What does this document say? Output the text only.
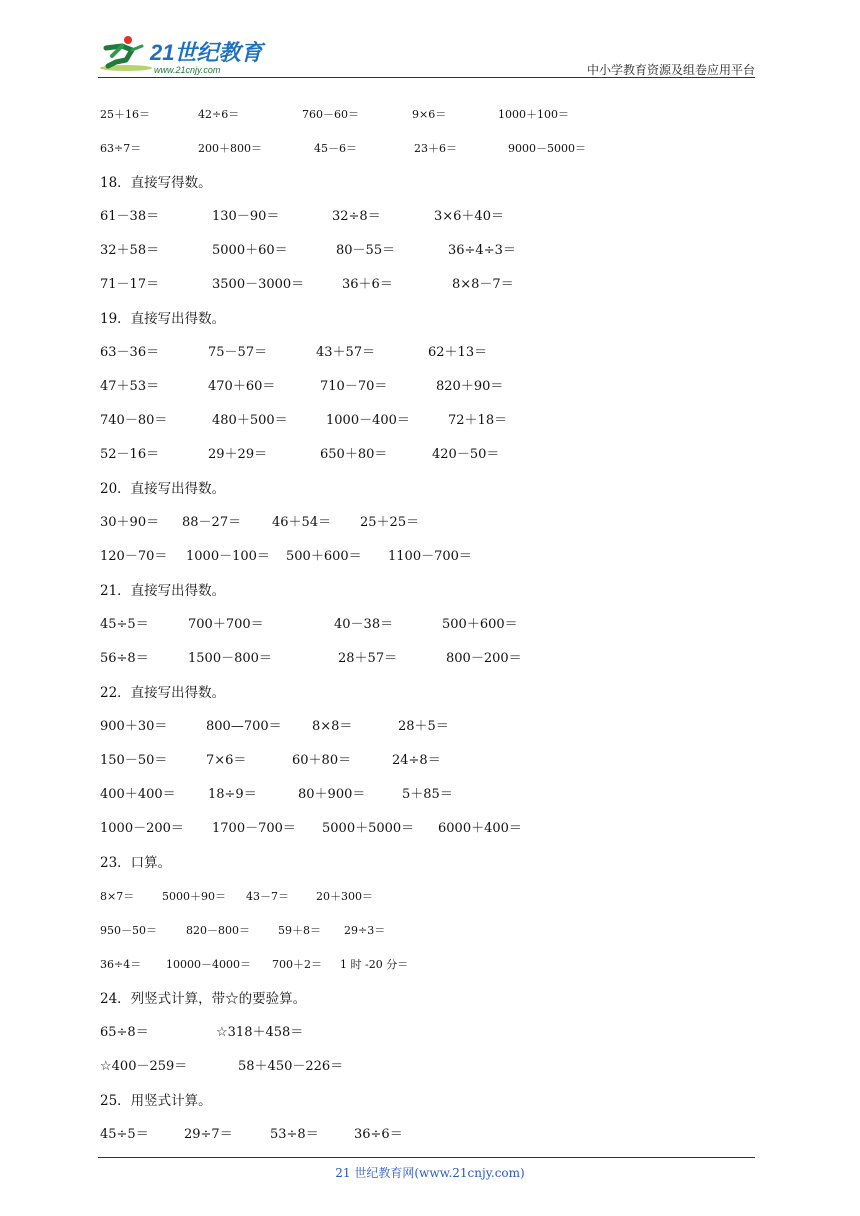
21世纪教育
www.21cnjy.com	中小学教育资源及组卷应用平台
25＋16＝	42÷6＝	760－60＝	9×6＝	1000＋100＝
63÷7＝	200＋800＝	45－6＝	23＋6＝	9000－5000＝
18．直接写得数。
61－38＝	130－90＝	32÷8＝	3×6＋40＝
32＋58＝	5000＋60＝	80－55＝	36÷4÷3＝
71－17＝	3500－3000＝	36＋6＝	8×8－7＝
19．直接写出得数。
63－36＝	75－57＝	43＋57＝	62＋13＝
47＋53＝	470＋60＝	710－70＝	820＋90＝
740－80＝	480＋500＝	1000－400＝	72＋18＝
52－16＝	29＋29＝	650＋80＝	420－50＝
20．直接写出得数。
30＋90＝ 88－27＝ 46＋54＝ 25＋25＝
120－70＝ 1000－100＝ 500＋600＝ 1100－700＝
21．直接写出得数。
45÷5＝	700＋700＝	40－38＝	500＋600＝
56÷8＝	1500－800＝	28＋57＝	800－200＝
22．直接写出得数。
900＋30＝	800—700＝ 8×8＝	28＋5＝
150－50＝	7×6＝	60＋80＝	24÷8＝
400＋400＝ 18÷9＝	80＋900＝	5＋85＝
1000－200＝ 1700－700＝ 5000＋5000＝ 6000＋400＝
23．口算。
8×7＝	5000＋90＝ 43－7＝ 20＋300＝
950－50＝	820－800＝	59＋8＝ 29÷3＝
36÷4＝ 10000－4000＝ 700＋2＝ 1 时 -20 分＝
24．列竖式计算，带☆的要验算。
65÷8＝	☆318＋458＝
☆400－259＝	58＋450－226＝
25．用竖式计算。
45÷5＝	29÷7＝	53÷8＝	36÷6＝
21 世纪教育网(www.21cnjy.com)
